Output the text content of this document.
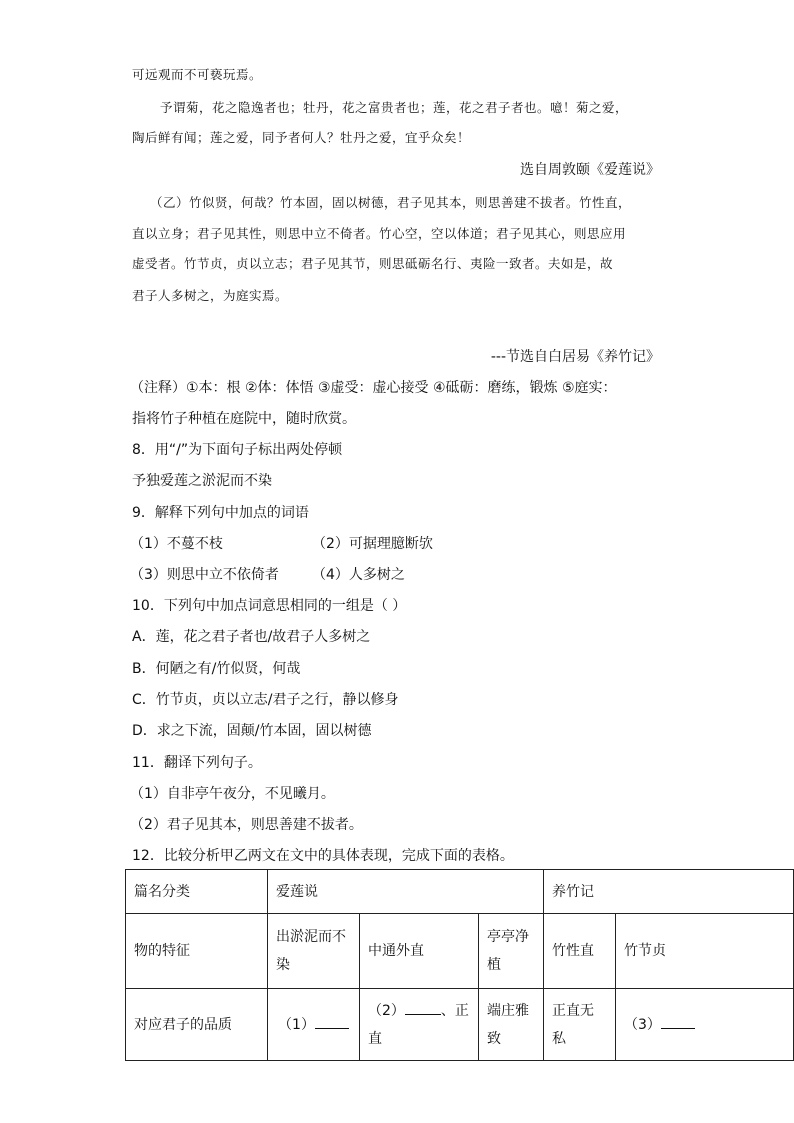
可远观而不可亵玩焉。
予谓菊，花之隐逸者也；牡丹，花之富贵者也；莲，花之君子者也。噫！菊之爱，
陶后鲜有闻；莲之爱，同予者何人？牡丹之爱，宜乎众矣！
选自周敦颐《爱莲说》
（乙）竹似贤，何哉？竹本固，固以树德，君子见其本，则思善建不拔者。竹性直，
直以立身；君子见其性，则思中立不倚者。竹心空，空以体道；君子见其心，则思应用
虚受者。竹节贞，贞以立志；君子见其节，则思砥砺名行、夷险一致者。夫如是，故
君子人多树之，为庭实焉。
---节选自白居易《养竹记》
（注释）①本：根 ②体：体悟 ③虚受：虚心接受 ④砥砺：磨练，锻炼 ⑤庭实：
指将竹子种植在庭院中，随时欣赏。
8．用“/”为下面句子标出两处停顿
予独爱莲之淤泥而不染
9．解释下列句中加点的词语
（1）不蔓不枝	（2）可据理臆断欤
（3）则思中立不依倚者 （4）人多树之
10．下列句中加点词意思相同的一组是（ ）
A．莲，花之君子者也/故君子人多树之
B．何陋之有/竹似贤，何哉
C．竹节贞，贞以立志/君子之行，静以修身
D．求之下流，固颠/竹本固，固以树德
11．翻译下列句子。
（1）自非亭午夜分，不见曦月。
（2）君子见其本，则思善建不拔者。
12．比较分析甲乙两文在文中的具体表现，完成下面的表格。
篇名分类	爱莲说			养竹记	
物的特征	出淤泥而不染	中通外直	亭亭净植	竹性直	竹节贞
对应君子的品质	（1）	（2） 、正直	端庄雅致	正直无私	（3）
